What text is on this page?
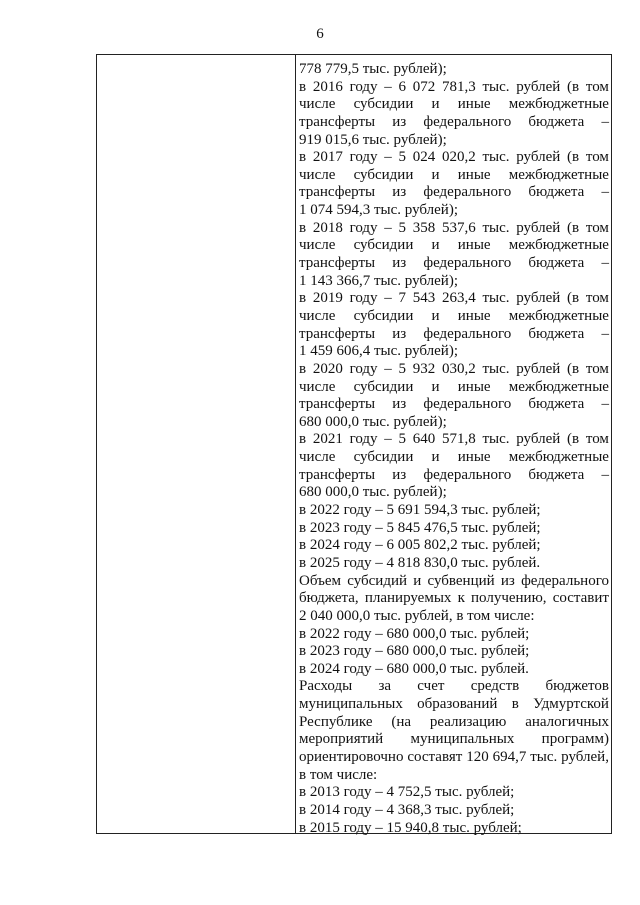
6
778 779,5 тыс. рублей);
в 2016 году – 6 072 781,3 тыс. рублей (в том
числе субсидии и иные межбюджетные
трансферты из федерального бюджета –
919 015,6 тыс. рублей);
в 2017 году – 5 024 020,2 тыс. рублей (в том
числе субсидии и иные межбюджетные
трансферты из федерального бюджета –
1 074 594,3 тыс. рублей);
в 2018 году – 5 358 537,6 тыс. рублей (в том
числе субсидии и иные межбюджетные
трансферты из федерального бюджета –
1 143 366,7 тыс. рублей);
в 2019 году – 7 543 263,4 тыс. рублей (в том
числе субсидии и иные межбюджетные
трансферты из федерального бюджета –
1 459 606,4 тыс. рублей);
в 2020 году – 5 932 030,2 тыс. рублей (в том
числе субсидии и иные межбюджетные
трансферты из федерального бюджета –
680 000,0 тыс. рублей);
в 2021 году – 5 640 571,8 тыс. рублей (в том
числе субсидии и иные межбюджетные
трансферты из федерального бюджета –
680 000,0 тыс. рублей);
в 2022 году – 5 691 594,3 тыс. рублей;
в 2023 году – 5 845 476,5 тыс. рублей;
в 2024 году – 6 005 802,2 тыс. рублей;
в 2025 году – 4 818 830,0 тыс. рублей.
Объем субсидий и субвенций из федерального
бюджета, планируемых к получению, составит
2 040 000,0 тыс. рублей, в том числе:
в 2022 году – 680 000,0 тыс. рублей;
в 2023 году – 680 000,0 тыс. рублей;
в 2024 году – 680 000,0 тыс. рублей.
Расходы за счет средств бюджетов
муниципальных образований в Удмуртской
Республике (на реализацию аналогичных
мероприятий муниципальных программ)
ориентировочно составят 120 694,7 тыс. рублей,
в том числе:
в 2013 году – 4 752,5 тыс. рублей;
в 2014 году – 4 368,3 тыс. рублей;
в 2015 году – 15 940,8 тыс. рублей;
